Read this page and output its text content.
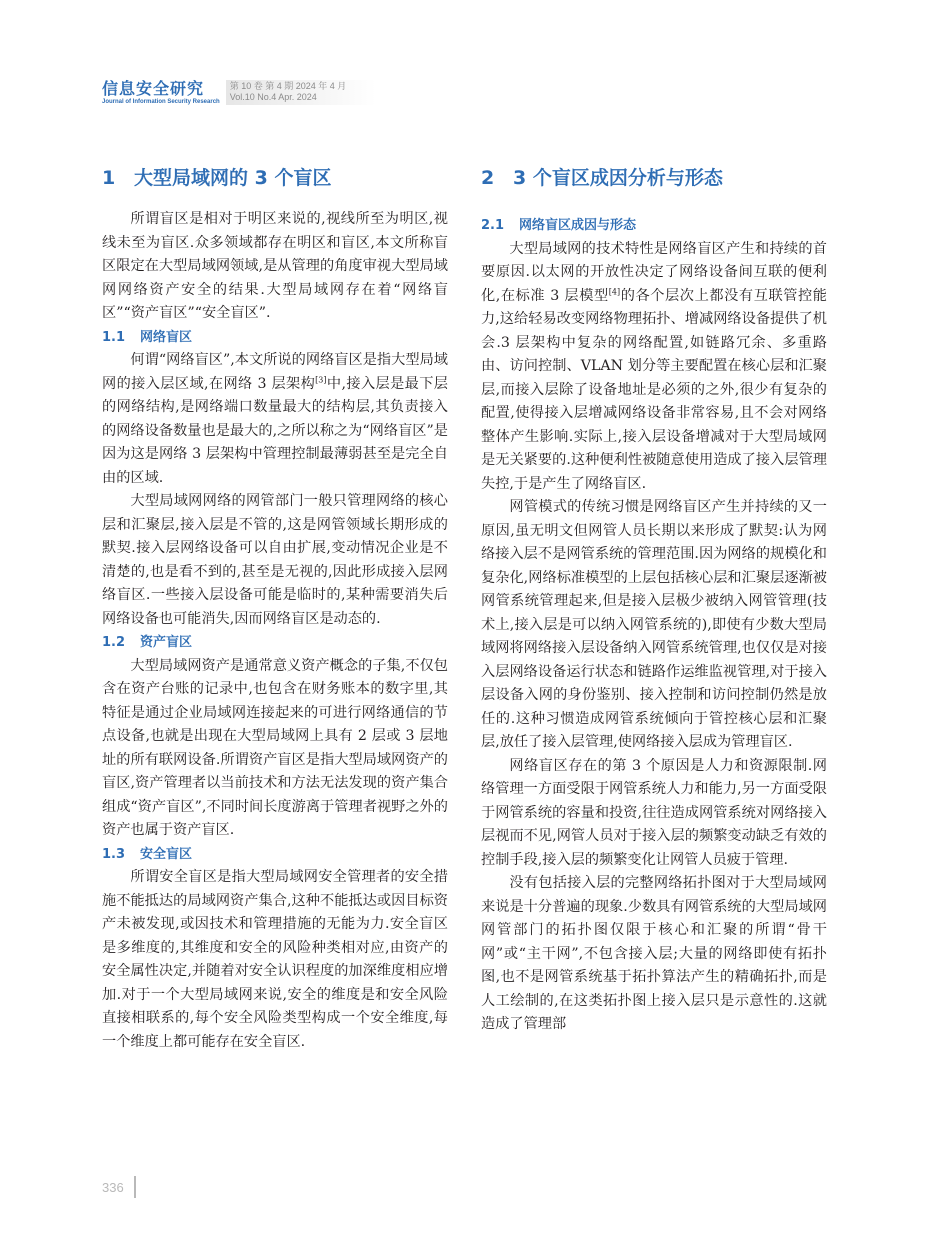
信息安全研究
Journal of Information Security Research
第 10 卷 第 4 期 2024 年 4 月
Vol.10 No.4 Apr. 2024
1 大型局域网的 3 个盲区

所谓盲区是相对于明区来说的,视线所至为明区,视线未至为盲区.众多领域都存在明区和盲区,本文所称盲区限定在大型局域网领域,是从管理的角度审视大型局域网网络资产安全的结果.大型局域网存在着“网络盲区”“资产盲区”“安全盲区”.

1.1 网络盲区

何谓“网络盲区”,本文所说的网络盲区是指大型局域网的接入层区域,在网络 3 层架构[3]中,接入层是最下层的网络结构,是网络端口数量最大的结构层,其负责接入的网络设备数量也是最大的,之所以称之为“网络盲区”是因为这是网络 3 层架构中管理控制最薄弱甚至是完全自由的区域.

大型局域网网络的网管部门一般只管理网络的核心层和汇聚层,接入层是不管的,这是网管领域长期形成的默契.接入层网络设备可以自由扩展,变动情况企业是不清楚的,也是看不到的,甚至是无视的,因此形成接入层网络盲区.一些接入层设备可能是临时的,某种需要消失后网络设备也可能消失,因而网络盲区是动态的.

1.2 资产盲区

大型局域网资产是通常意义资产概念的子集,不仅包含在资产台账的记录中,也包含在财务账本的数字里,其特征是通过企业局域网连接起来的可进行网络通信的节点设备,也就是出现在大型局域网上具有 2 层或 3 层地址的所有联网设备.所谓资产盲区是指大型局域网资产的盲区,资产管理者以当前技术和方法无法发现的资产集合组成“资产盲区”,不同时间长度游离于管理者视野之外的资产也属于资产盲区.

1.3 安全盲区

所谓安全盲区是指大型局域网安全管理者的安全措施不能抵达的局域网资产集合,这种不能抵达或因目标资产未被发现,或因技术和管理措施的无能为力.安全盲区是多维度的,其维度和安全的风险种类相对应,由资产的安全属性决定,并随着对安全认识程度的加深维度相应增加.对于一个大型局域网来说,安全的维度是和安全风险直接相联系的,每个安全风险类型构成一个安全维度,每一个维度上都可能存在安全盲区.

2 3 个盲区成因分析与形态
2.1 网络盲区成因与形态

大型局域网的技术特性是网络盲区产生和持续的首要原因.以太网的开放性决定了网络设备间互联的便利化,在标准 3 层模型[4]的各个层次上都没有互联管控能力,这给轻易改变网络物理拓扑、增减网络设备提供了机会.3 层架构中复杂的网络配置,如链路冗余、多重路由、访问控制、VLAN 划分等主要配置在核心层和汇聚层,而接入层除了设备地址是必须的之外,很少有复杂的配置,使得接入层增减网络设备非常容易,且不会对网络整体产生影响.实际上,接入层设备增减对于大型局域网是无关紧要的.这种便利性被随意使用造成了接入层管理失控,于是产生了网络盲区.

网管模式的传统习惯是网络盲区产生并持续的又一原因,虽无明文但网管人员长期以来形成了默契:认为网络接入层不是网管系统的管理范围.因为网络的规模化和复杂化,网络标准模型的上层包括核心层和汇聚层逐渐被网管系统管理起来,但是接入层极少被纳入网管管理(技术上,接入层是可以纳入网管系统的),即使有少数大型局域网将网络接入层设备纳入网管系统管理,也仅仅是对接入层网络设备运行状态和链路作运维监视管理,对于接入层设备入网的身份鉴别、接入控制和访问控制仍然是放任的.这种习惯造成网管系统倾向于管控核心层和汇聚层,放任了接入层管理,使网络接入层成为管理盲区.

网络盲区存在的第 3 个原因是人力和资源限制.网络管理一方面受限于网管系统人力和能力,另一方面受限于网管系统的容量和投资,往往造成网管系统对网络接入层视而不见,网管人员对于接入层的频繁变动缺乏有效的控制手段,接入层的频繁变化让网管人员疲于管理.

没有包括接入层的完整网络拓扑图对于大型局域网来说是十分普遍的现象.少数具有网管系统的大型局域网网管部门的拓扑图仅限于核心和汇聚的所谓“骨干网”或“主干网”,不包含接入层;大量的网络即使有拓扑图,也不是网管系统基于拓扑算法产生的精确拓扑,而是人工绘制的,在这类拓扑图上接入层只是示意性的.这就造成了管理部

336
